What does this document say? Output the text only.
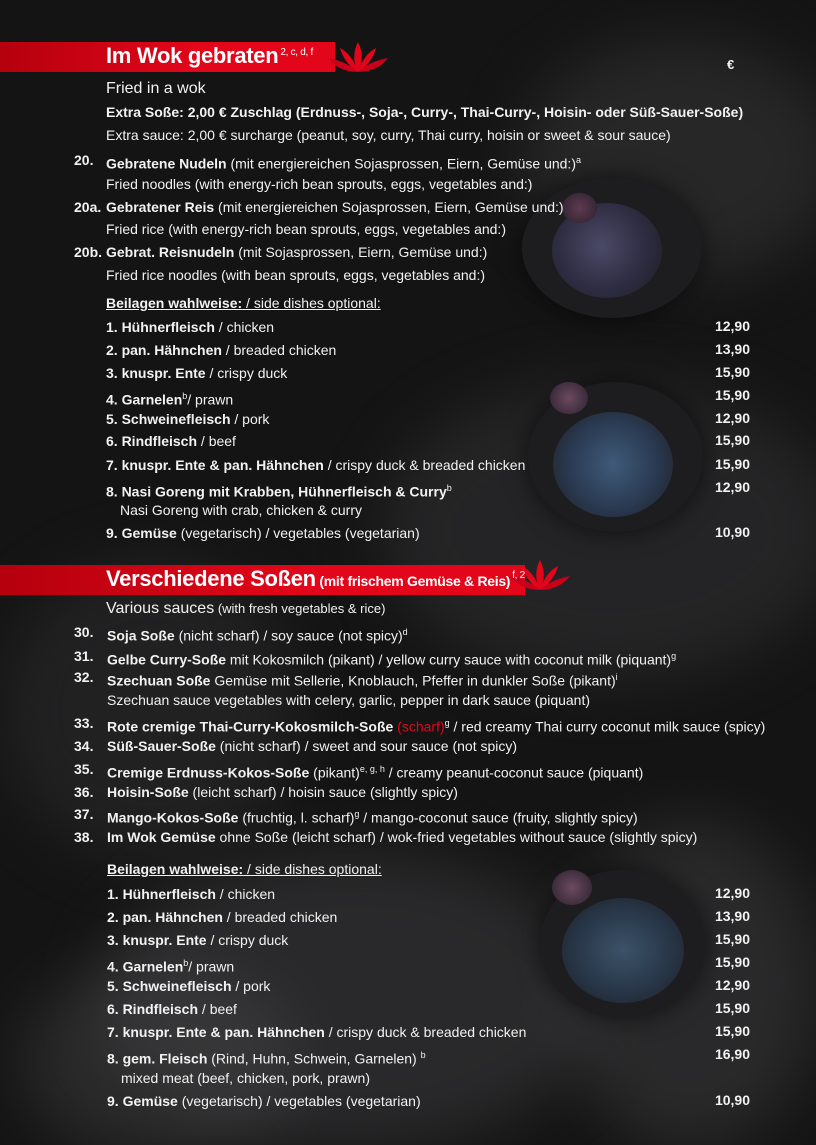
Im Wok gebraten $^{2, c, d, f}$
€
Fried in a wok
Extra Soße: 2,00 € Zuschlag (Erdnuss-, Soja-, Curry-, Thai-Curry-, Hoisin- oder Süß-Sauer-Soße)
Extra sauce: 2,00 € surcharge (peanut, soy, curry, Thai curry, hoisin or sweet & sour sauce)
20. Gebratene Nudeln (mit energiereichen Sojasprossen, Eiern, Gemüse und:)$^a$
Fried noodles (with energy-rich bean sprouts, eggs, vegetables and:)
20a. Gebratener Reis (mit energiereichen Sojasprossen, Eiern, Gemüse und:)
Fried rice (with energy-rich bean sprouts, eggs, vegetables and:)
20b. Gebrat. Reisnudeln (mit Sojasprossen, Eiern, Gemüse und:)
Fried rice noodles (with bean sprouts, eggs, vegetables and:)
Beilagen wahlweise: / side dishes optional:
1. Hühnerfleisch / chicken	12,90
2. pan. Hähnchen / breaded chicken	13,90
3. knuspr. Ente / crispy duck	15,90
4. Garnelen$^b$/ prawn	15,90
5. Schweinefleisch / pork	12,90
6. Rindfleisch / beef	15,90
7. knuspr. Ente & pan. Hähnchen / crispy duck & breaded chicken	15,90
8. Nasi Goreng mit Krabben, Hühnerfleisch & Curry$^b$	12,90
Nasi Goreng with crab, chicken & curry
9. Gemüse (vegetarisch) / vegetables (vegetarian)	10,90
Verschiedene Soßen (mit frischem Gemüse & Reis) $^{f, 2}$
Various sauces (with fresh vegetables & rice)
30. Soja Soße (nicht scharf) / soy sauce (not spicy)$^d$
31. Gelbe Curry-Soße mit Kokosmilch (pikant) / yellow curry sauce with coconut milk (piquant)$^g$
32. Szechuan Soße Gemüse mit Sellerie, Knoblauch, Pfeffer in dunkler Soße (pikant)$^i$
Szechuan sauce vegetables with celery, garlic, pepper in dark sauce (piquant)
33. Rote cremige Thai-Curry-Kokosmilch-Soße (scharf)$^g$ / red creamy Thai curry coconut milk sauce (spicy)
34. Süß-Sauer-Soße (nicht scharf) / sweet and sour sauce (not spicy)
35. Cremige Erdnuss-Kokos-Soße (pikant)$^{e, g, h}$ / creamy peanut-coconut sauce (piquant)
36. Hoisin-Soße (leicht scharf) / hoisin sauce (slightly spicy)
37. Mango-Kokos-Soße (fruchtig, l. scharf)$^g$ / mango-coconut sauce (fruity, slightly spicy)
38. Im Wok Gemüse ohne Soße (leicht scharf) / wok-fried vegetables without sauce (slightly spicy)
Beilagen wahlweise: / side dishes optional:
1. Hühnerfleisch / chicken	12,90
2. pan. Hähnchen / breaded chicken	13,90
3. knuspr. Ente / crispy duck	15,90
4. Garnelen$^b$/ prawn	15,90
5. Schweinefleisch / pork	12,90
6. Rindfleisch / beef	15,90
7. knuspr. Ente & pan. Hähnchen / crispy duck & breaded chicken	15,90
8. gem. Fleisch (Rind, Huhn, Schwein, Garnelen) $^b$	16,90
mixed meat (beef, chicken, pork, prawn)
9. Gemüse (vegetarisch) / vegetables (vegetarian)	10,90
